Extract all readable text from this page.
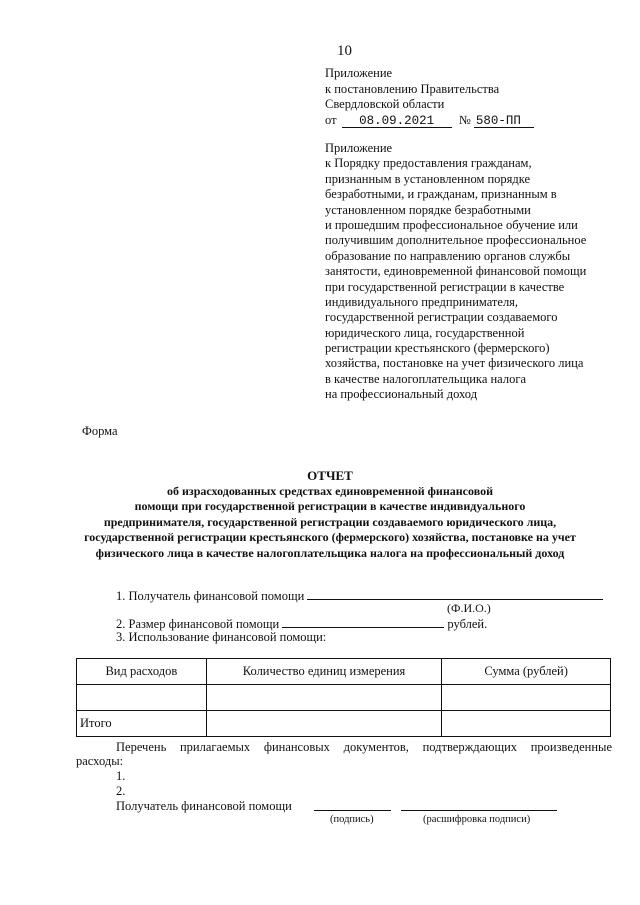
10
Приложение
к постановлению Правительства
Свердловской области
от 08.09.2021 № 580-ПП
Приложение
к Порядку предоставления гражданам,
признанным в установленном порядке
безработными, и гражданам, признанным в
установленном порядке безработными
и прошедшим профессиональное обучение или
получившим дополнительное профессиональное
образование по направлению органов службы
занятости, единовременной финансовой помощи
при государственной регистрации в качестве
индивидуального предпринимателя,
государственной регистрации создаваемого
юридического лица, государственной
регистрации крестьянского (фермерского)
хозяйства, постановке на учет физического лица
в качестве налогоплательщика налога
на профессиональный доход
Форма
ОТЧЕТ
об израсходованных средствах единовременной финансовой
помощи при государственной регистрации в качестве индивидуального
предпринимателя, государственной регистрации создаваемого юридического лица,
государственной регистрации крестьянского (фермерского) хозяйства, постановке на учет
физического лица в качестве налогоплательщика налога на профессиональный доход
1. Получатель финансовой помощи
(Ф.И.О.)
2. Размер финансовой помощи	рублей.
3. Использование финансовой помощи:
Вид расходов	Количество единиц измерения	Сумма (рублей)

Итого		
Перечень прилагаемых финансовых документов, подтверждающих произведенные
расходы:
1.
2.
Получатель финансовой помощи
(подпись)	(расшифровка подписи)
